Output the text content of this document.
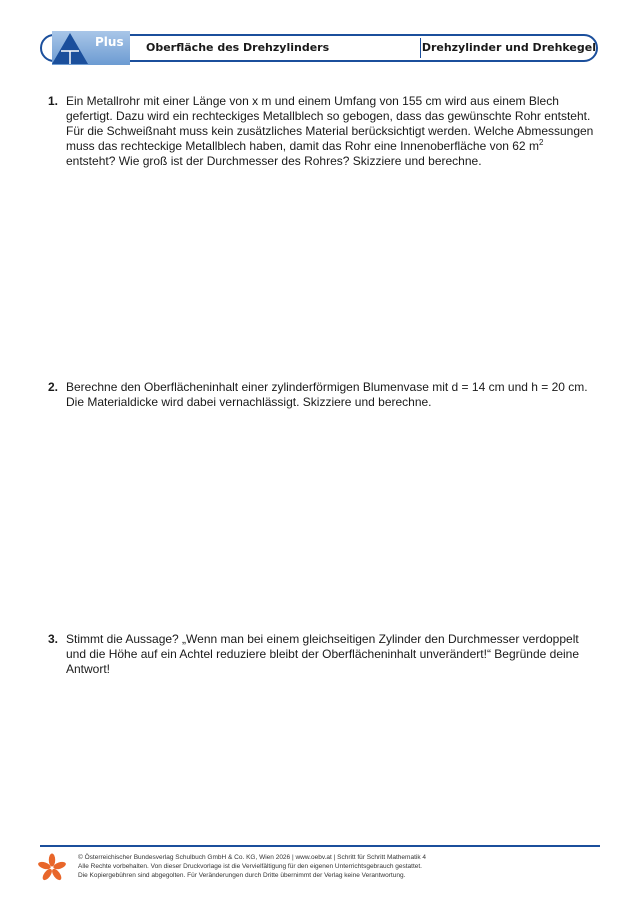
Plus Oberfläche des Drehzylinders	Drehzylinder und Drehkegel
1. Ein Metallrohr mit einer Länge von x m und einem Umfang von 155 cm wird aus einem Blech gefertigt. Dazu wird ein rechteckiges Metallblech so gebogen, dass das gewünschte Rohr entsteht. Für die Schweißnaht muss kein zusätzliches Material berücksichtigt werden. Welche Abmessungen muss das rechteckige Metallblech haben, damit das Rohr eine Innenoberfläche von 62 $m^2$ entsteht? Wie groß ist der Durchmesser des Rohres? Skizziere und berechne.
2. Berechne den Oberflächeninhalt einer zylinderförmigen Blumenvase mit d = 14 cm und h = 20 cm. Die Materialdicke wird dabei vernachlässigt. Skizziere und berechne.
3. Stimmt die Aussage? „Wenn man bei einem gleichseitigen Zylinder den Durchmesser verdoppelt und die Höhe auf ein Achtel reduziere bleibt der Oberflächeninhalt unverändert!“ Begründe deine Antwort!
© Österreichischer Bundesverlag Schulbuch GmbH & Co. KG, Wien 2026 | www.oebv.at | Schritt für Schritt Mathematik 4
Alle Rechte vorbehalten. Von dieser Druckvorlage ist die Vervielfältigung für den eigenen Unterrichtsgebrauch gestattet.
Die Kopiergebühren sind abgegolten. Für Veränderungen durch Dritte übernimmt der Verlag keine Verantwortung.
